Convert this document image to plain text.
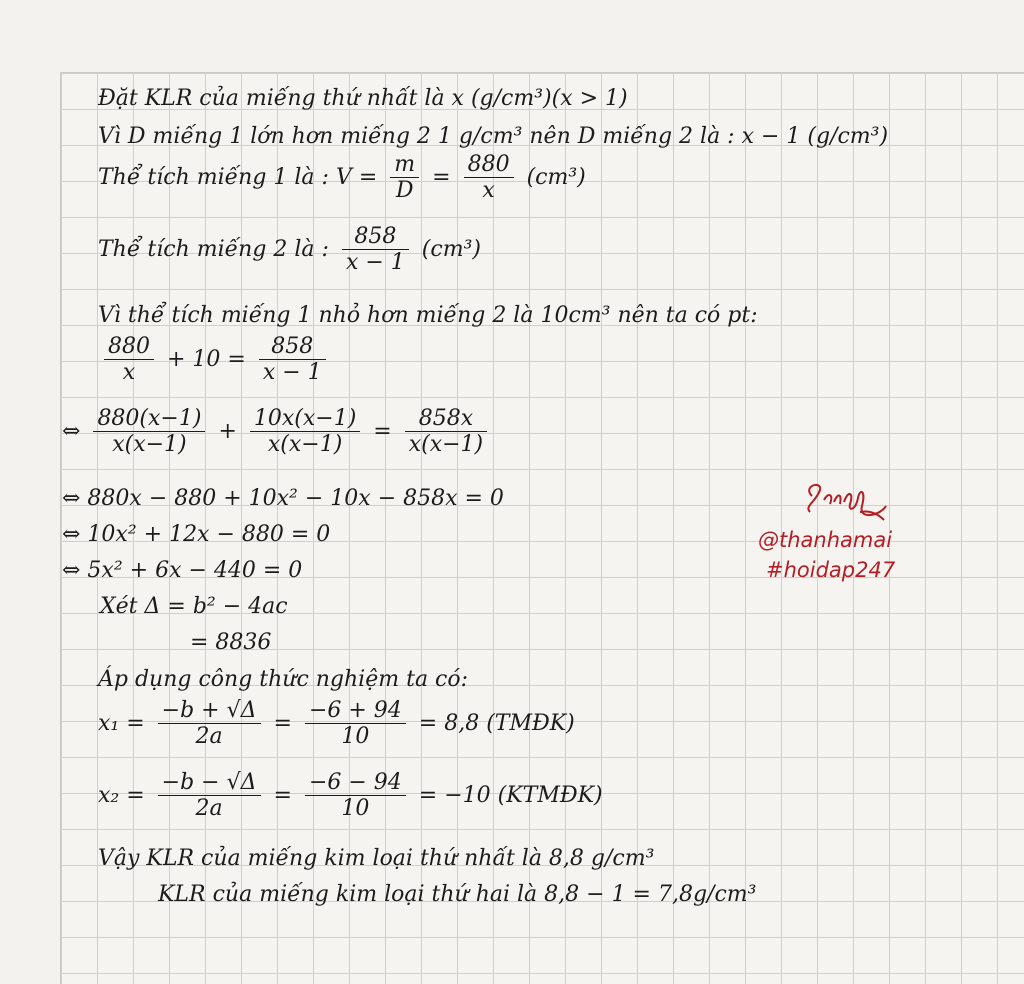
Đặt KLR của miếng thứ nhất là x (g/cm³)(x > 1)
Vì D miếng 1 lớn hơn miếng 2 1 g/cm³ nên D miếng 2 là : x − 1 (g/cm³)
Thể tích miếng 1 là : $V = \frac{m}{D} = \frac{880}{x} (cm^3)$
Thể tích miếng 2 là : $\frac{858}{x - 1} (cm^3)$
Vì thể tích miếng 1 nhỏ hơn miếng 2 là 10cm³ nên ta có pt:
$\frac{880}{x} + 10 = \frac{858}{x - 1}$
⇔ $\frac{880(x-1)}{x(x-1)} + \frac{10x(x-1)}{x(x-1)} = \frac{858x}{x(x-1)}$
⇔ 880x − 880 + 10x² − 10x − 858x = 0
⇔ 10x² + 12x − 880 = 0
⇔ 5x² + 6x − 440 = 0
Xét Δ = b² − 4ac
= 8836
Áp dụng công thức nghiệm ta có:
$x_1 = \frac{-b + √\Delta}{2a} = \frac{-6 + 94}{10} = 8,8$ (TMĐK)
$x_2 = \frac{-b - √\Delta}{2a} = \frac{-6 - 94}{10} = -10$ (KTMĐK)
Vậy KLR của miếng kim loại thứ nhất là 8,8 g/cm³
KLR của miếng kim loại thứ hai là 8,8 − 1 = 7,8g/cm³
@thanhamai
#hoidap247
